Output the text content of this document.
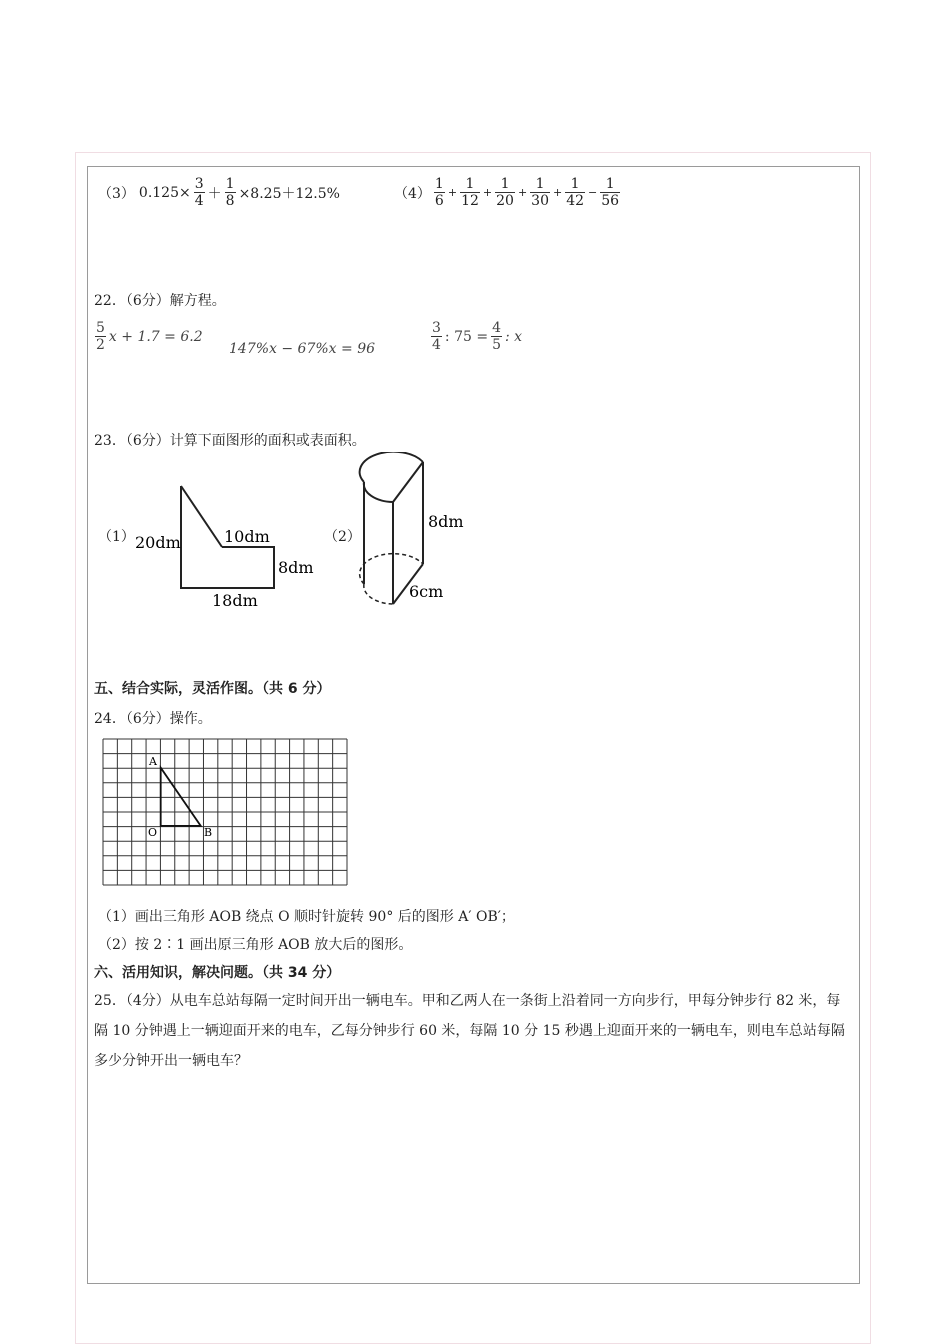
（3） $0.125\times \frac{3}{4} + \frac{1}{8} \times 8.25+12.5\%$	$(4) \frac{1}{6} + \frac{1}{12} + \frac{1}{20} + \frac{1}{30} + \frac{1}{42} - \frac{1}{56}$
22．（6分）解方程。
$\frac{5}{2}$ x + 1.7 = 6.2
147%x − 67%x = 96	$\frac{3}{4}$ : $75 = \frac{4}{5}$ : x
23．（6分）计算下面图形的面积或表面积。
（1） 20dm	10dm
8dm
18dm
（2）
8dm
6cm
五、结合实际，灵活作图。（共 6 分）
24．（6分）操作。
A
O	B
（1）画出三角形 AOB 绕点 O 顺时针旋转 90° 后的图形 A′ OB′；
（2）按 2∶1 画出原三角形 AOB 放大后的图形。
六、活用知识，解决问题。（共 34 分）
25．（4分）从电车总站每隔一定时间开出一辆电车。甲和乙两人在一条街上沿着同一方向步行，甲每分钟步行 82 米，每隔 10 分钟遇上一辆迎面开来的电车，乙每分钟步行 60 米，每隔 10 分 15 秒遇上迎面开来的一辆电车，则电车总站每隔多少分钟开出一辆电车？
